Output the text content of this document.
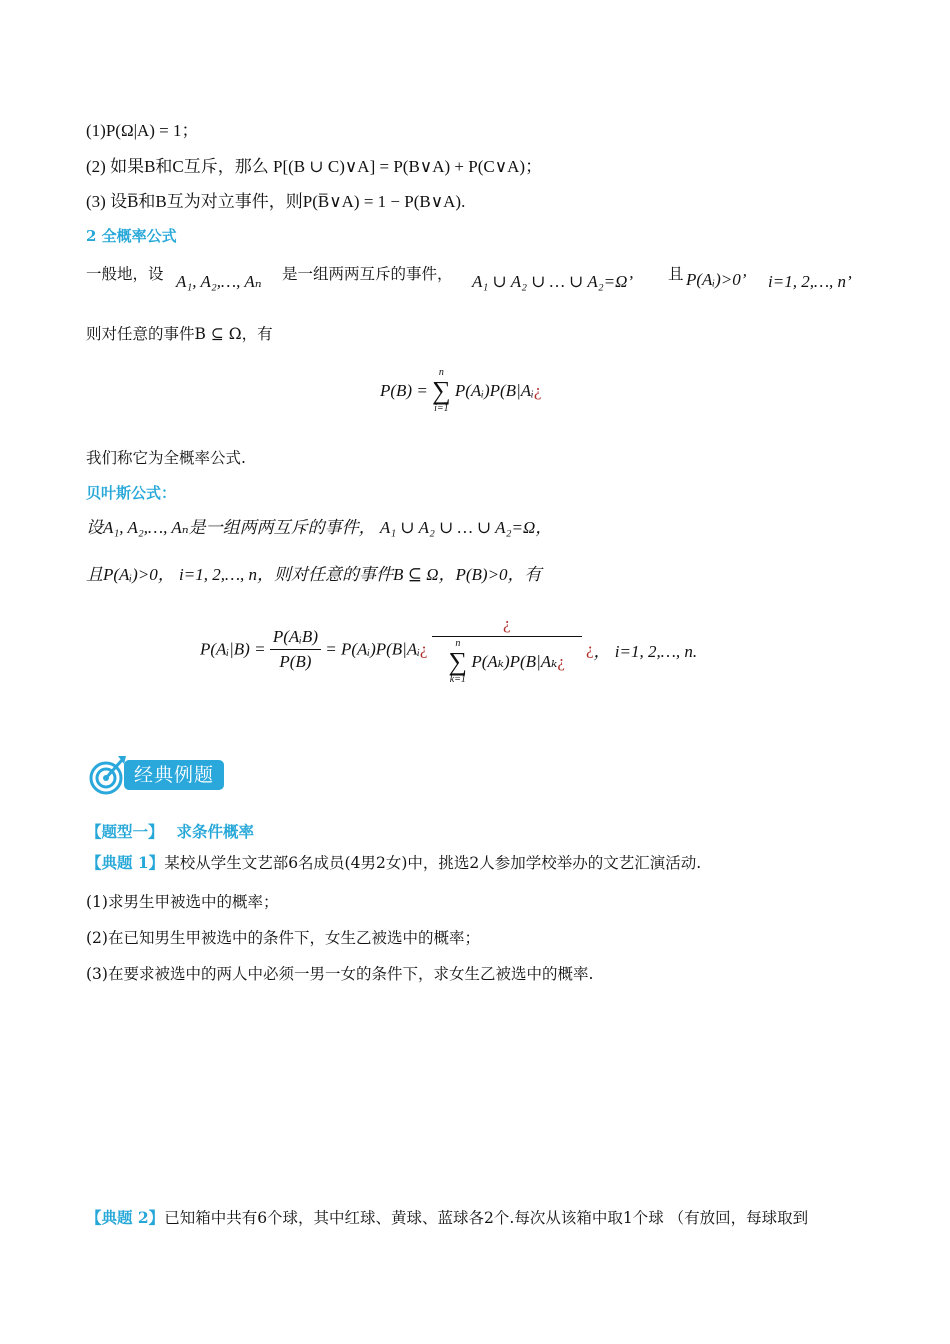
(1)P(Ω|A) = 1；
(2) 如果B和C互斥，那么 P[(B ∪ C)∨A] = P(B∨A) + P(C∨A)；
(3) 设B̅和B互为对立事件，则P(B̅∨A) = 1 − P(B∨A).
2 全概率公式
一般地，设 A₁, A₂,…, Aₙ 是一组两两互斥的事件， A₁ ∪ A₂ ∪ … ∪ A₂=Ω’ 且 P(Aᵢ)>0’ i=1, 2,…, n’
则对任意的事件B ⊆ Ω，有
P(B) =
n
∑
i=1
P(Aᵢ)P(B|Aᵢ¿
我们称它为全概率公式.
贝叶斯公式：
设A₁, A₂,…, Aₙ是一组两两互斥的事件， A₁ ∪ A₂ ∪ … ∪ A₂=Ω，
且P(Aᵢ)>0， i=1, 2,…, n，则对任意的事件B ⊆ Ω，P(B)>0，有
P(Aᵢ|B) = $\frac{\text{P(AᵢB)}}{P(B)}$ = P(Aᵢ)P(B|Aᵢ¿ ¿
n
∑
k=1
P(Aₖ)P(B|Aₖ¿ ¿， i=1, 2,…, n.
经典例题
【题型一】 求条件概率
【典题 1】某校从学生文艺部6名成员(4男2女)中，挑选2人参加学校举办的文艺汇演活动.
(1)求男生甲被选中的概率；
(2)在已知男生甲被选中的条件下，女生乙被选中的概率；
(3)在要求被选中的两人中必须一男一女的条件下，求女生乙被选中的概率.
【典题 2】已知箱中共有6个球，其中红球、黄球、蓝球各2个.每次从该箱中取1个球 （有放回，每球取到
